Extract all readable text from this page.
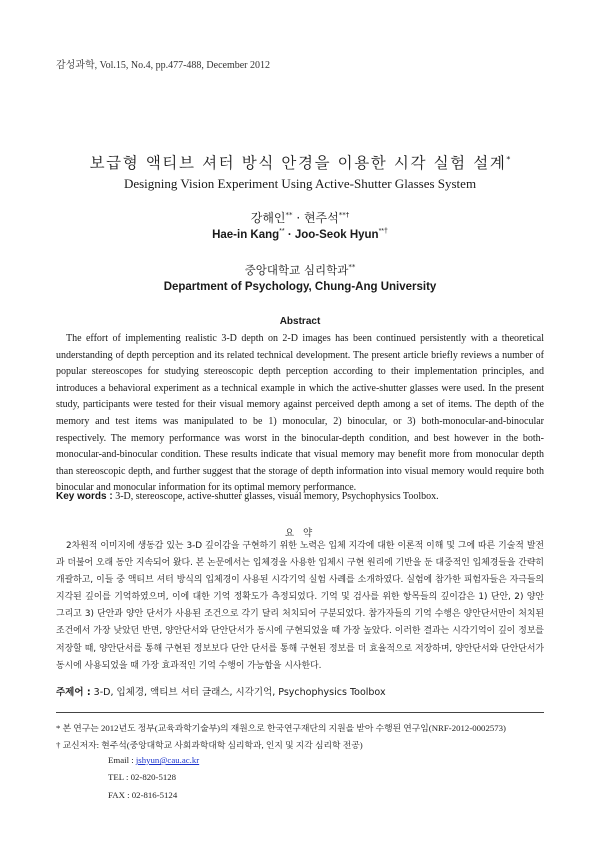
감성과학, Vol.15, No.4, pp.477-488, December 2012
보급형 액티브 셔터 방식 안경을 이용한 시각 실험 설계*
Designing Vision Experiment Using Active-Shutter Glasses System
강해인** · 현주석**†
Hae-in Kang** · Joo-Seok Hyun**†
중앙대학교 심리학과**
Department of Psychology, Chung-Ang University
Abstract
The effort of implementing realistic 3-D depth on 2-D images has been continued persistently with a theoretical understanding of depth perception and its related technical development. The present article briefly reviews a number of popular stereoscopes for studying stereoscopic depth perception according to their implementation principles, and introduces a behavioral experiment as a technical example in which the active-shutter glasses were used. In the present study, participants were tested for their visual memory against perceived depth among a set of items. The depth of the memory and test items was manipulated to be 1) monocular, 2) binocular, or 3) both-monocular-and-binocular respectively. The memory performance was worst in the binocular-depth condition, and best however in the both-monocular-and-binocular condition. These results indicate that visual memory may benefit more from monocular depth than stereoscopic depth, and further suggest that the storage of depth information into visual memory would require both binocular and monocular information for its optimal memory performance.
Key words : 3-D, stereoscope, active-shutter glasses, visual memory, Psychophysics Toolbox.
요 약
2차원적 이미지에 생동감 있는 3-D 깊이감을 구현하기 위한 노력은 입체 지각에 대한 이론적 이해 및 그에 따른 기술적 발전과 더불어 오래 동안 지속되어 왔다. 본 논문에서는 입체경을 사용한 입체시 구현 원리에 기반을 둔 대중적인 입체경들을 간략히 개괄하고, 이들 중 액티브 셔터 방식의 입체경이 사용된 시각기억 실험 사례를 소개하였다. 실험에 참가한 피험자들은 자극들의 지각된 깊이를 기억하였으며, 이에 대한 기억 정확도가 측정되었다. 기억 및 검사를 위한 항목들의 깊이감은 1) 단안, 2) 양안 그리고 3) 단안과 양안 단서가 사용된 조건으로 각기 달리 처치되어 구분되었다. 참가자들의 기억 수행은 양안단서만이 처치된 조건에서 가장 낮았던 반면, 양안단서와 단안단서가 동시에 구현되었을 때 가장 높았다. 이러한 결과는 시각기억이 깊이 정보를 저장할 때, 양안단서를 통해 구현된 정보보다 단안 단서를 통해 구현된 정보를 더 효율적으로 저장하며, 양안단서와 단안단서가 동시에 사용되었을 때 가장 효과적인 기억 수행이 가능함을 시사한다.
주제어 : 3-D, 입체경, 액티브 셔터 글래스, 시각기억, Psychophysics Toolbox
* 본 연구는 2012년도 정부(교육과학기술부)의 재원으로 한국연구재단의 지원을 받아 수행된 연구임(NRF-2012-0002573)
† 교신저자: 현주석(중앙대학교 사회과학대학 심리학과, 인지 및 지각 심리학 전공)
Email : jshyun@cau.ac.kr
TEL : 02-820-5128
FAX : 02-816-5124
